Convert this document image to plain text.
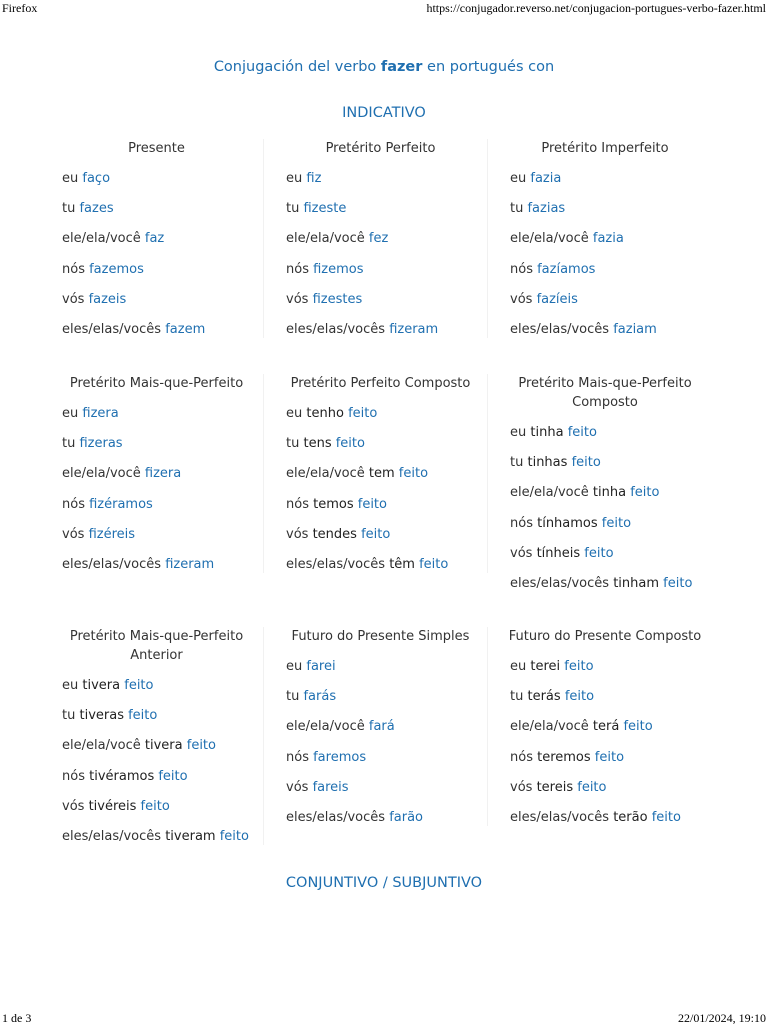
Firefox	https://conjugador.reverso.net/conjugacion-portugues-verbo-fazer.html
Conjugación del verbo fazer en portugués con
INDICATIVO
Presente
eu faço
tu fazes
ele/ela/você faz
nós fazemos
vós fazeis
eles/elas/vocês fazem
Pretérito Perfeito
eu fiz
tu fizeste
ele/ela/você fez
nós fizemos
vós fizestes
eles/elas/vocês fizeram
Pretérito Imperfeito
eu fazia
tu fazias
ele/ela/você fazia
nós fazíamos
vós fazíeis
eles/elas/vocês faziam
Pretérito Mais-que-Perfeito
eu fizera
tu fizeras
ele/ela/você fizera
nós fizéramos
vós fizéreis
eles/elas/vocês fizeram
Pretérito Perfeito Composto
eu tenho feito
tu tens feito
ele/ela/você tem feito
nós temos feito
vós tendes feito
eles/elas/vocês têm feito
Pretérito Mais-que-Perfeito Composto
eu tinha feito
tu tinhas feito
ele/ela/você tinha feito
nós tínhamos feito
vós tínheis feito
eles/elas/vocês tinham feito
Pretérito Mais-que-Perfeito Anterior
eu tivera feito
tu tiveras feito
ele/ela/você tivera feito
nós tivéramos feito
vós tivéreis feito
eles/elas/vocês tiveram feito
Futuro do Presente Simples
eu farei
tu farás
ele/ela/você fará
nós faremos
vós fareis
eles/elas/vocês farão
Futuro do Presente Composto
eu terei feito
tu terás feito
ele/ela/você terá feito
nós teremos feito
vós tereis feito
eles/elas/vocês terão feito
CONJUNTIVO / SUBJUNTIVO
1 de 3	22/01/2024, 19:10
